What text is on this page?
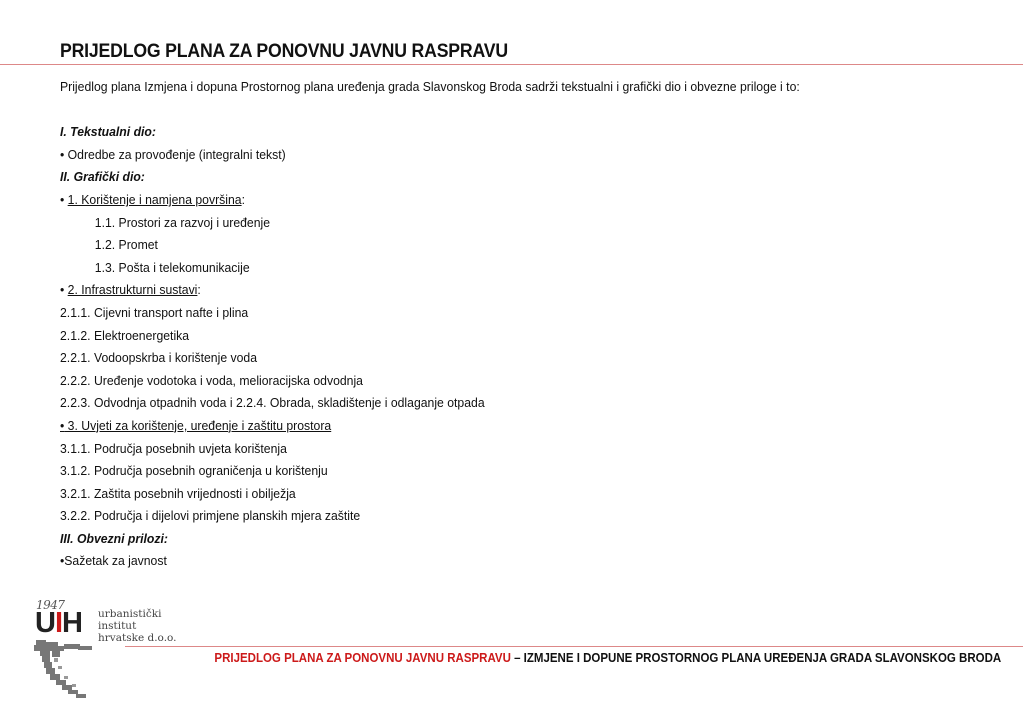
PRIJEDLOG PLANA ZA PONOVNU JAVNU RASPRAVU
Prijedlog plana Izmjena i dopuna Prostornog plana uređenja grada Slavonskog Broda sadrži tekstualni i grafički dio i obvezne priloge i to:
I. Tekstualni dio:
• Odredbe za provođenje (integralni tekst)
II. Grafički dio:
• 1. Korištenje i namjena površina:
1.1. Prostori za razvoj i uređenje
1.2. Promet
1.3. Pošta i telekomunikacije
• 2. Infrastrukturni sustavi:
2.1.1. Cijevni transport nafte i plina
2.1.2. Elektroenergetika
2.2.1. Vodoopskrba i korištenje voda
2.2.2. Uređenje vodotoka i voda, melioracijska odvodnja
2.2.3. Odvodnja otpadnih voda i 2.2.4. Obrada, skladištenje i odlaganje otpada
• 3. Uvjeti za korištenje, uređenje i zaštitu prostora
3.1.1. Područja posebnih uvjeta korištenja
3.1.2. Područja posebnih ograničenja u korištenju
3.2.1. Zaštita posebnih vrijednosti i obilježja
3.2.2. Područja i dijelovi primjene planskih mjera zaštite
III. Obvezni prilozi:
•Sažetak za javnost
1947
UIH urbanistički
institut
hrvatske d.o.o.
PRIJEDLOG PLANA ZA PONOVNU JAVNU RASPRAVU – IZMJENE I DOPUNE PROSTORNOG PLANA UREĐENJA GRADA SLAVONSKOG BRODA
